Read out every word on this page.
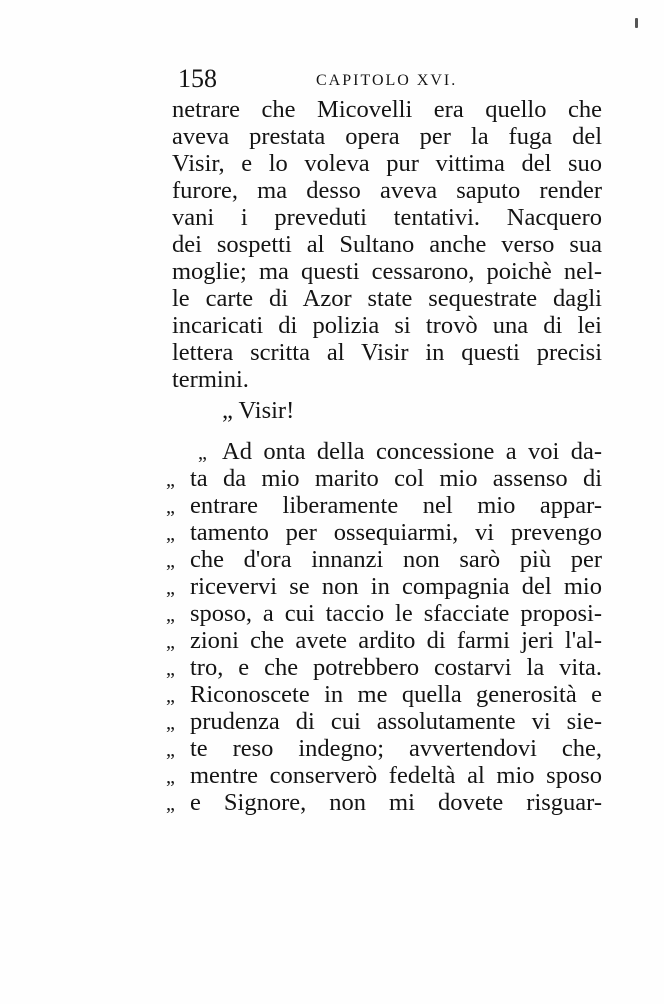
158	CAPITOLO XVI.
netrare che Micovelli era quello che
aveva prestata opera per la fuga del
Visir, e lo voleva pur vittima del suo
furore, ma desso aveva saputo render
vani i preveduti tentativi. Nacquero
dei sospetti al Sultano anche verso sua
moglie; ma questi cessarono, poichè nel-
le carte di Azor state sequestrate dagli
incaricati di polizia si trovò una di lei
lettera scritta al Visir in questi precisi
termini.
„ Visir!
„ Ad onta della concessione a voi da-
„ ta da mio marito col mio assenso di
„ entrare liberamente nel mio appar-
„ tamento per ossequiarmi, vi prevengo
„ che d'ora innanzi non sarò più per
„ ricevervi se non in compagnia del mio
„ sposo, a cui taccio le sfacciate proposi-
„ zioni che avete ardito di farmi jeri l'al-
„ tro, e che potrebbero costarvi la vita.
„ Riconoscete in me quella generosità e
„ prudenza di cui assolutamente vi sie-
„ te reso indegno; avvertendovi che,
„ mentre conserverò fedeltà al mio sposo
„ e Signore, non mi dovete risguar-
